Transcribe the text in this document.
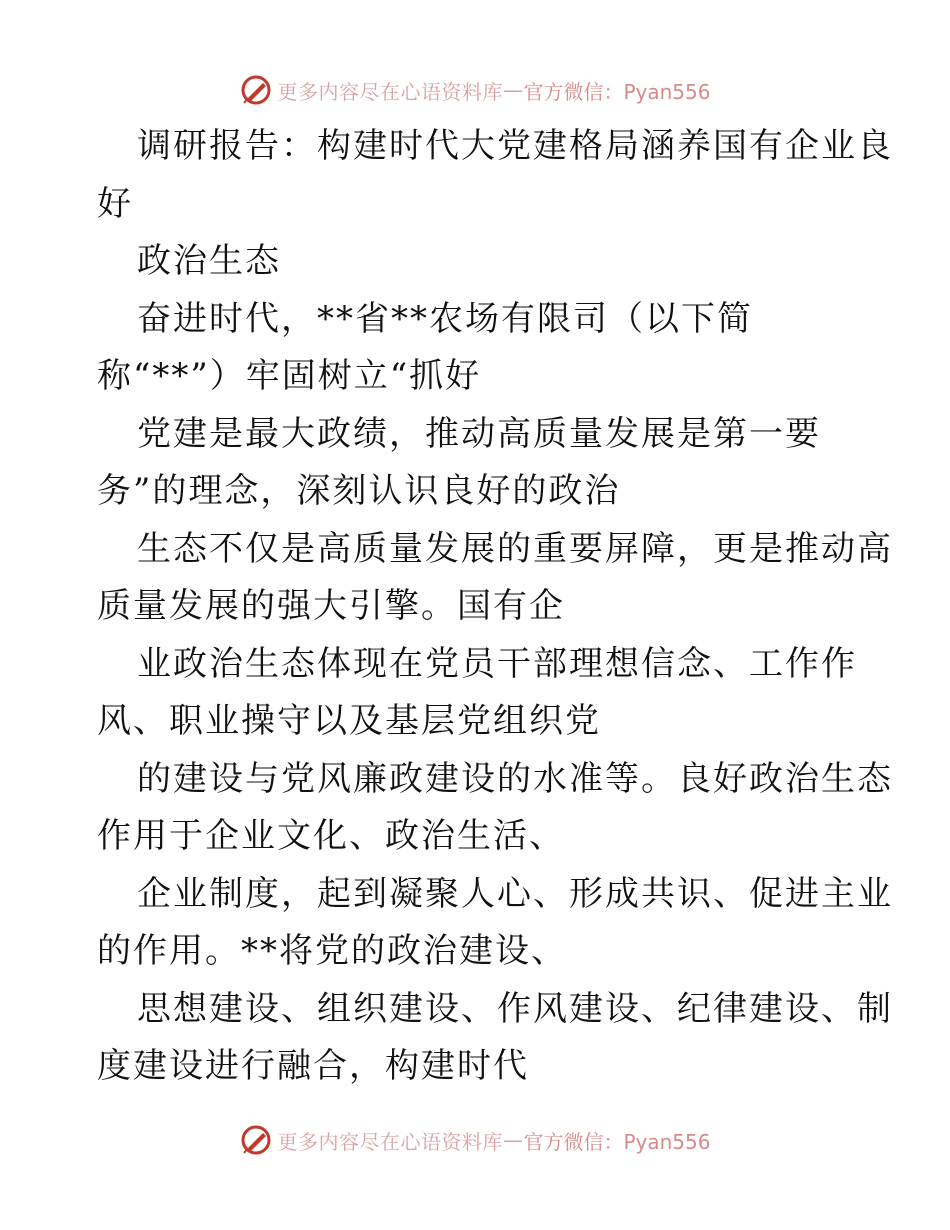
更多内容尽在心语资料库 — 官方微信：Pyan556
调研报告：构建时代大党建格局涵养国有企业良
好
政治生态
奋进时代，**省**农场有限司（以下简
称“**”）牢固树立“抓好
党建是最大政绩，推动高质量发展是第一要
务”的理念，深刻认识良好的政治
生态不仅是高质量发展的重要屏障，更是推动高
质量发展的强大引擎。国有企
业政治生态体现在党员干部理想信念、工作作
风、职业操守以及基层党组织党
的建设与党风廉政建设的水准等。良好政治生态
作用于企业文化、政治生活、
企业制度，起到凝聚人心、形成共识、促进主业
的作用。**将党的政治建设、
思想建设、组织建设、作风建设、纪律建设、制
度建设进行融合，构建时代
更多内容尽在心语资料库 — 官方微信：Pyan556
